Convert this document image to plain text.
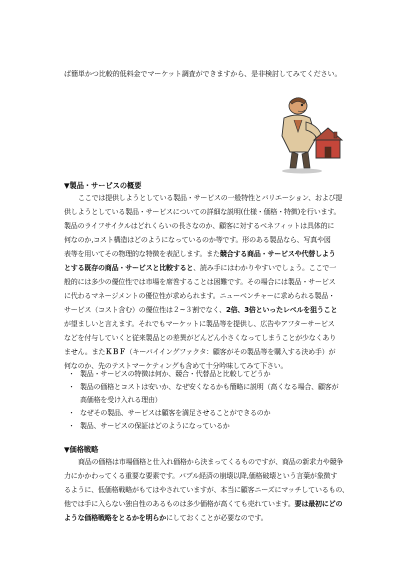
ば簡単かつ比較的低料金でマーケット調査ができますから、是非検討してみてください。
▼製品・サービスの概要
ここでは提供しようとしている製品・サービスの一般特性とバリエーション、および提
供しようとしている製品・サービスについての詳細な説明(仕様・価格・特徴)を行います。
製品のライフサイクルはどれくらいの長さなのか、顧客に対するベネフィットは具体的に
何なのか,コスト構造はどのようになっているのか等です。形のある製品なら、写真や図
表等を用いてその物理的な特徴を表記します。また競合する商品・サービスや代替しよう
とする既存の商品・サービスと比較すると、読み手にはわかりやすいでしょう。ここで一
般的には多少の優位性では市場を席巻することは困難です。その場合には製品・サービス
に代わるマネージメントの優位性が求められます。ニューベンチャーに求められる製品・
サービス（コスト含む）の優位性は２~３割でなく、2倍、3倍といったレベルを狙うこと
が望ましいと言えます。それでもマーケットに製品等を提供し、広告やアフターサービス
などを付与していくと従来製品との差異がどんどん小さくなってしまうことが少なくあり
ません。またＫＢＦ（キーバイイングファクタ：顧客がその製品等を購入する決め手）が
何なのか、先のテストマーケティングも含めて十分吟味してみて下さい。
・ 製品・サービスの特徴は何か、競合・代替品と比較してどうか
・ 製品の価格とコストは安いか、なぜ安くなるかも簡略に説明（高くなる場合、顧客が
高価格を受け入れる理由）
・ なぜその製品、サービスは顧客を満足させることができるのか
・ 製品、サービスの保証はどのようになっているか
▼価格戦略
商品の価格は市場価格と仕入れ価格から決まってくるものですが、商品の新求力や競争
力にかかわってくる重要な要素です。バブル経済の崩壊以降,価格破壊という言葉が象徴す
るように、低価格戦略がもてはやされていますが、本当に顧客ニーズにマッチしているもの、
他では手に入らない独自性のあるものは多少価格が高くても売れています。要は最初にどの
ような価格戦略をとるかを明らかにしておくことが必要なのです。
